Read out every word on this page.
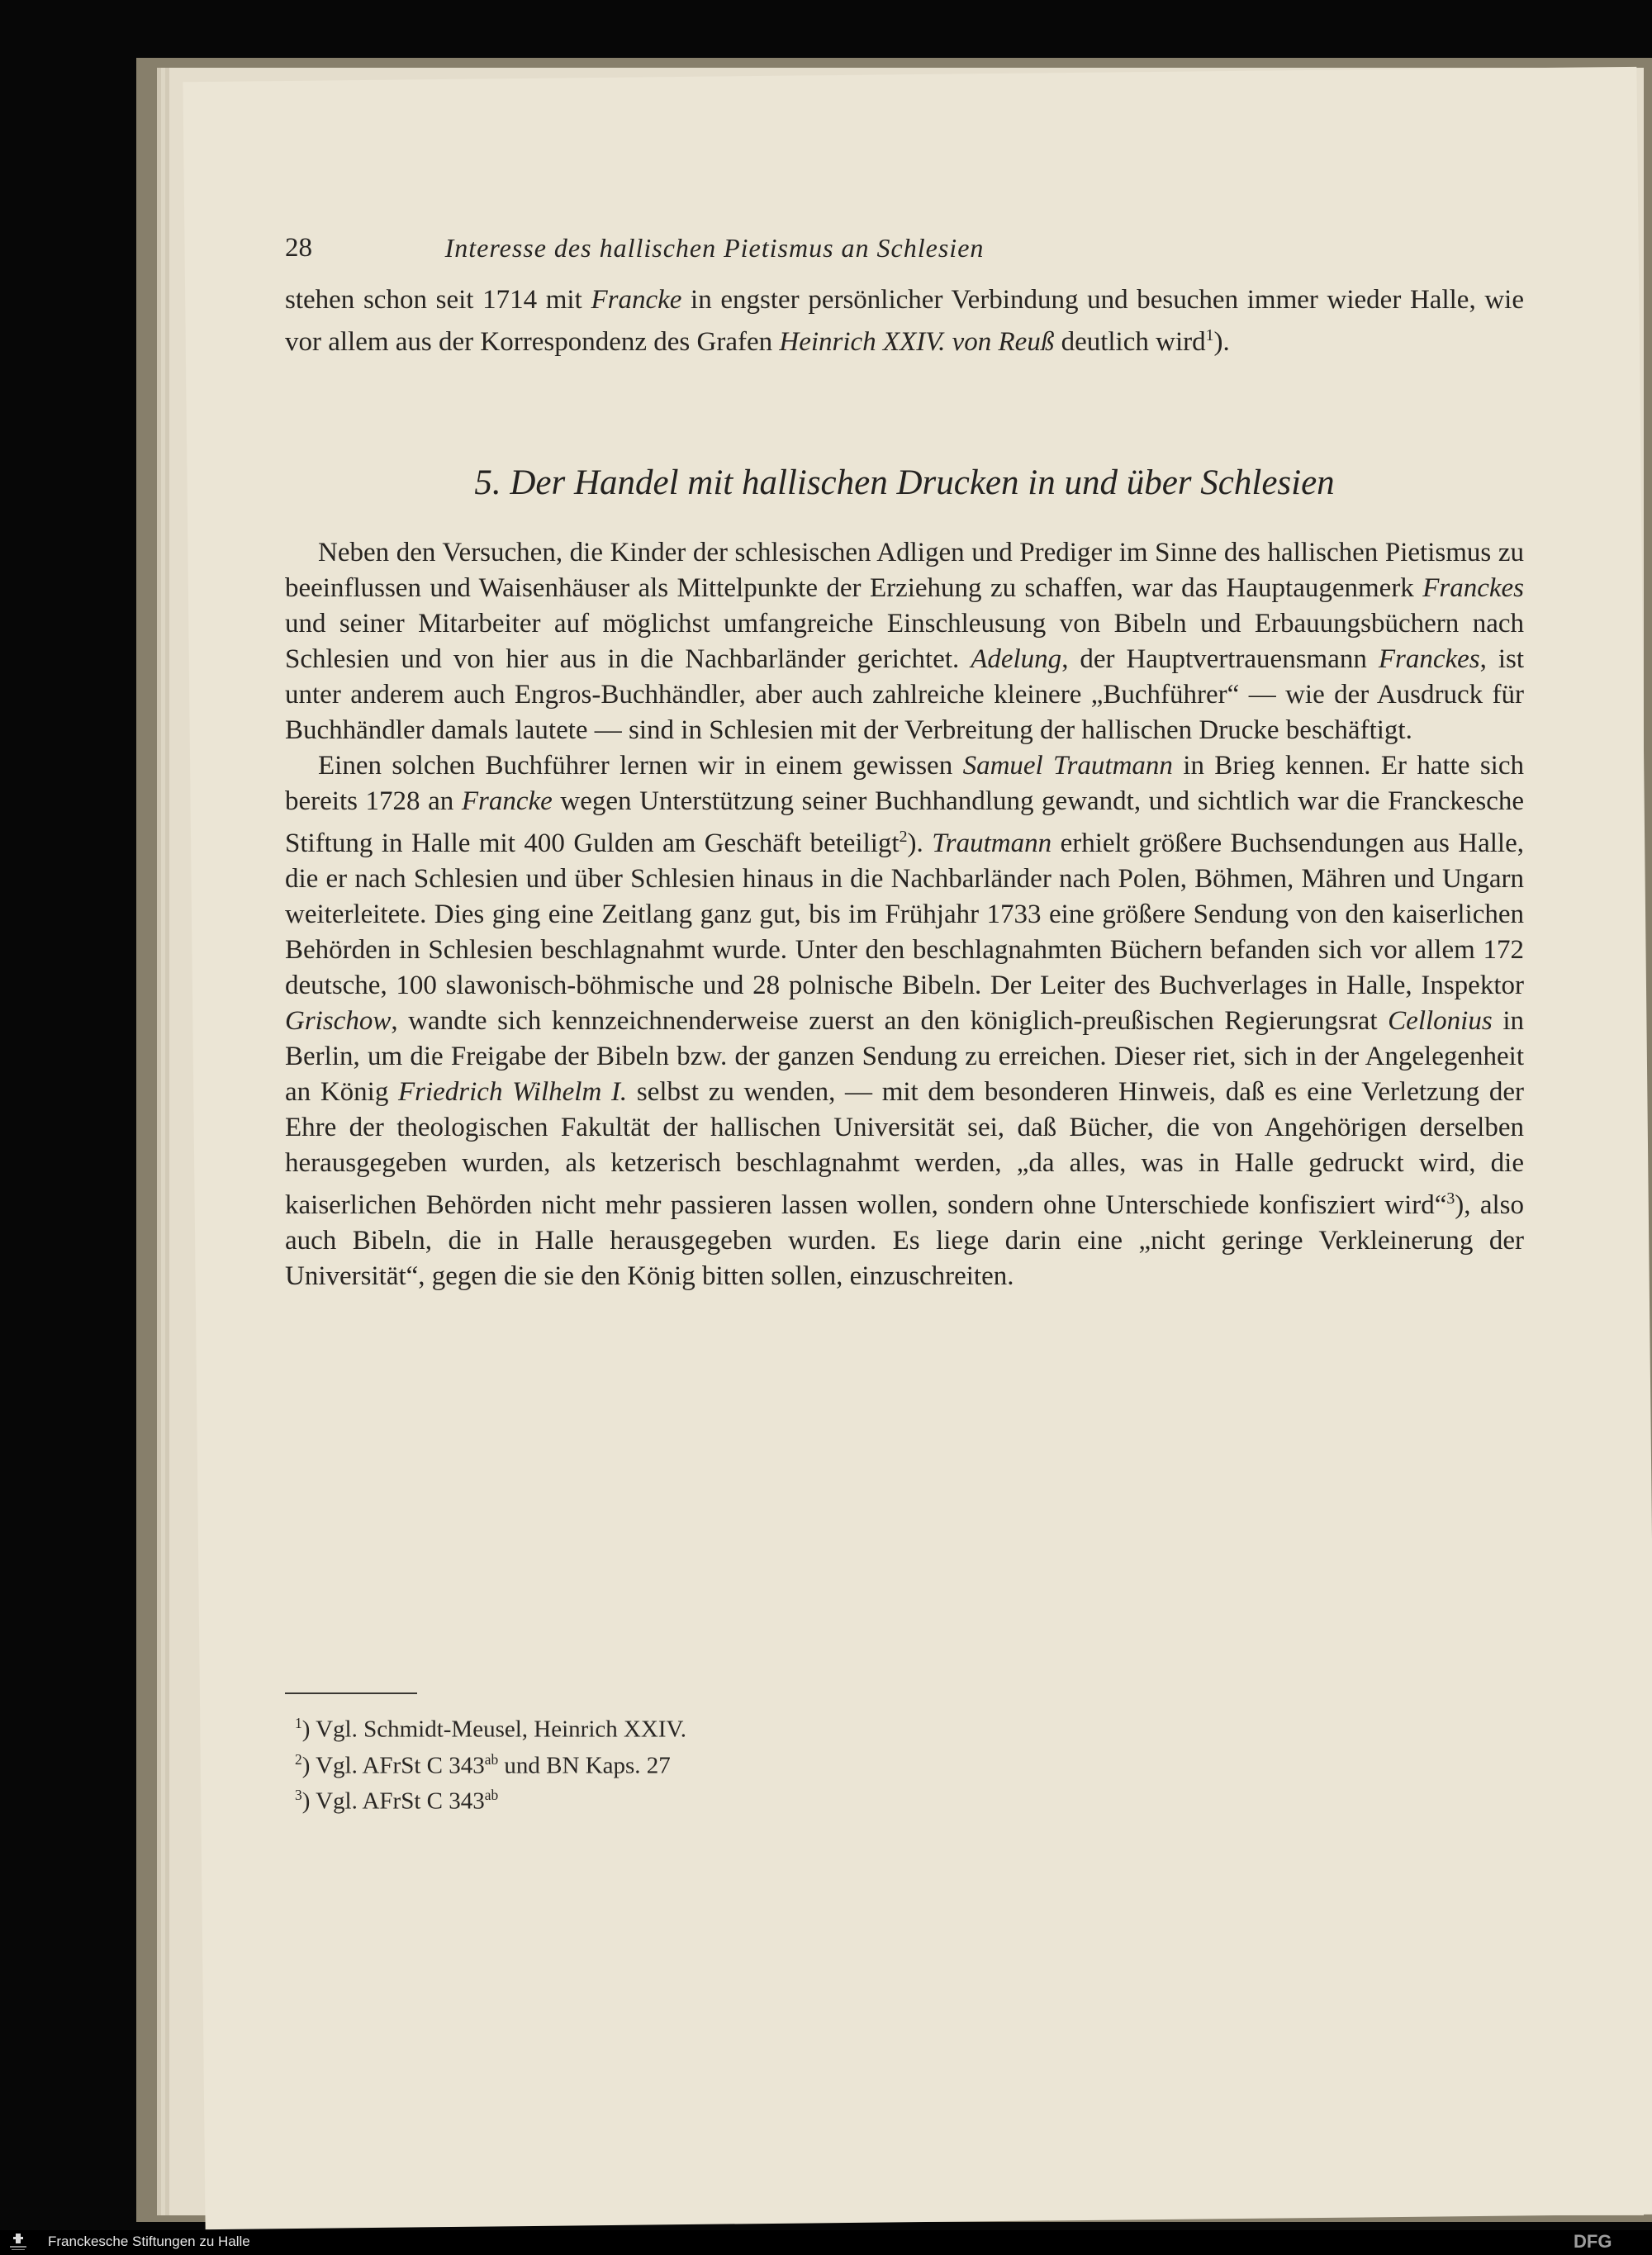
28	Interesse des hallischen Pietismus an Schlesien
stehen schon seit 1714 mit Francke in engster persönlicher Verbindung und besuchen immer wieder Halle, wie vor allem aus der Korrespondenz des Grafen Heinrich XXIV. von Reuß deutlich wird$^1$).
5. Der Handel mit hallischen Drucken in und über Schlesien

Neben den Versuchen, die Kinder der schlesischen Adligen und Prediger im Sinne des hallischen Pietismus zu beeinflussen und Waisenhäuser als Mittelpunkte der Erziehung zu schaffen, war das Hauptaugenmerk Franckes und seiner Mitarbeiter auf möglichst umfangreiche Einschleusung von Bibeln und Erbauungsbüchern nach Schlesien und von hier aus in die Nachbarländer gerichtet. Adelung, der Hauptvertrauensmann Franckes, ist unter anderem auch Engros-Buchhändler, aber auch zahlreiche kleinere „Buchführer“ — wie der Ausdruck für Buchhändler damals lautete — sind in Schlesien mit der Verbreitung der hallischen Drucke beschäftigt.

Einen solchen Buchführer lernen wir in einem gewissen Samuel Trautmann in Brieg kennen. Er hatte sich bereits 1728 an Francke wegen Unterstützung seiner Buchhandlung gewandt, und sichtlich war die Franckesche Stiftung in Halle mit 400 Gulden am Geschäft beteiligt$^2$). Trautmann erhielt größere Buchsendungen aus Halle, die er nach Schlesien und über Schlesien hinaus in die Nachbarländer nach Polen, Böhmen, Mähren und Ungarn weiterleitete. Dies ging eine Zeitlang ganz gut, bis im Frühjahr 1733 eine größere Sendung von den kaiserlichen Behörden in Schlesien beschlagnahmt wurde. Unter den beschlagnahmten Büchern befanden sich vor allem 172 deutsche, 100 slawonisch-böhmische und 28 polnische Bibeln. Der Leiter des Buchverlages in Halle, Inspektor Grischow, wandte sich kennzeichnenderweise zuerst an den königlich-preußischen Regierungsrat Cellonius in Berlin, um die Freigabe der Bibeln bzw. der ganzen Sendung zu erreichen. Dieser riet, sich in der Angelegenheit an König Friedrich Wilhelm I. selbst zu wenden, — mit dem besonderen Hinweis, daß es eine Verletzung der Ehre der theologischen Fakultät der hallischen Universität sei, daß Bücher, die von Angehörigen derselben herausgegeben wurden, als ketzerisch beschlagnahmt werden, „da alles, was in Halle gedruckt wird, die kaiserlichen Behörden nicht mehr passieren lassen wollen, sondern ohne Unterschiede konfisziert wird“$^3$), also auch Bibeln, die in Halle herausgegeben wurden. Es liege darin eine „nicht geringe Verkleinerung der Universität“, gegen die sie den König bitten sollen, einzuschreiten.

$^1$) Vgl. Schmidt-Meusel, Heinrich XXIV.
$^2$) Vgl. AFrSt C $343^{ab}$ und BN Kaps. 27
$^3$) Vgl. AFrSt C $343^{ab}$
Franckesche Stiftungen zu Halle	DFG
